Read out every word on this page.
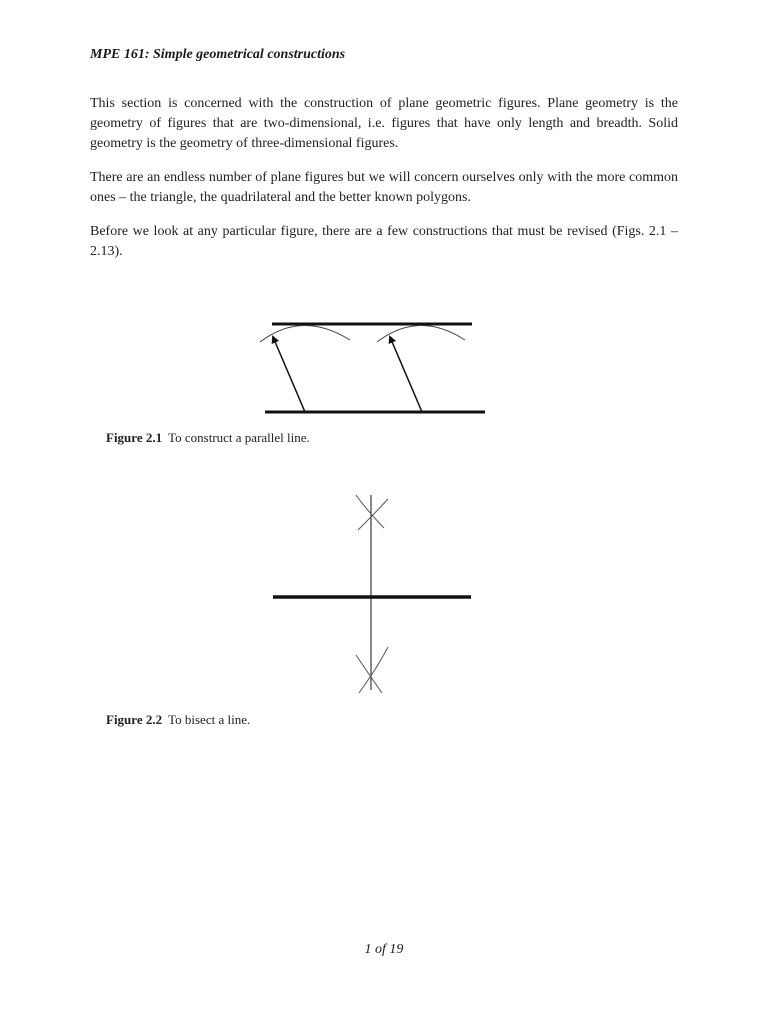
MPE 161: Simple geometrical constructions

This section is concerned with the construction of plane geometric figures. Plane geometry is the geometry of figures that are two-dimensional, i.e. figures that have only length and breadth. Solid geometry is the geometry of three-dimensional figures.

There are an endless number of plane figures but we will concern ourselves only with the more common ones – the triangle, the quadrilateral and the better known polygons.

Before we look at any particular figure, there are a few constructions that must be revised (Figs. 2.1 – 2.13).

Figure 2.1 To construct a parallel line.
Figure 2.2 To bisect a line.
1 of 19
